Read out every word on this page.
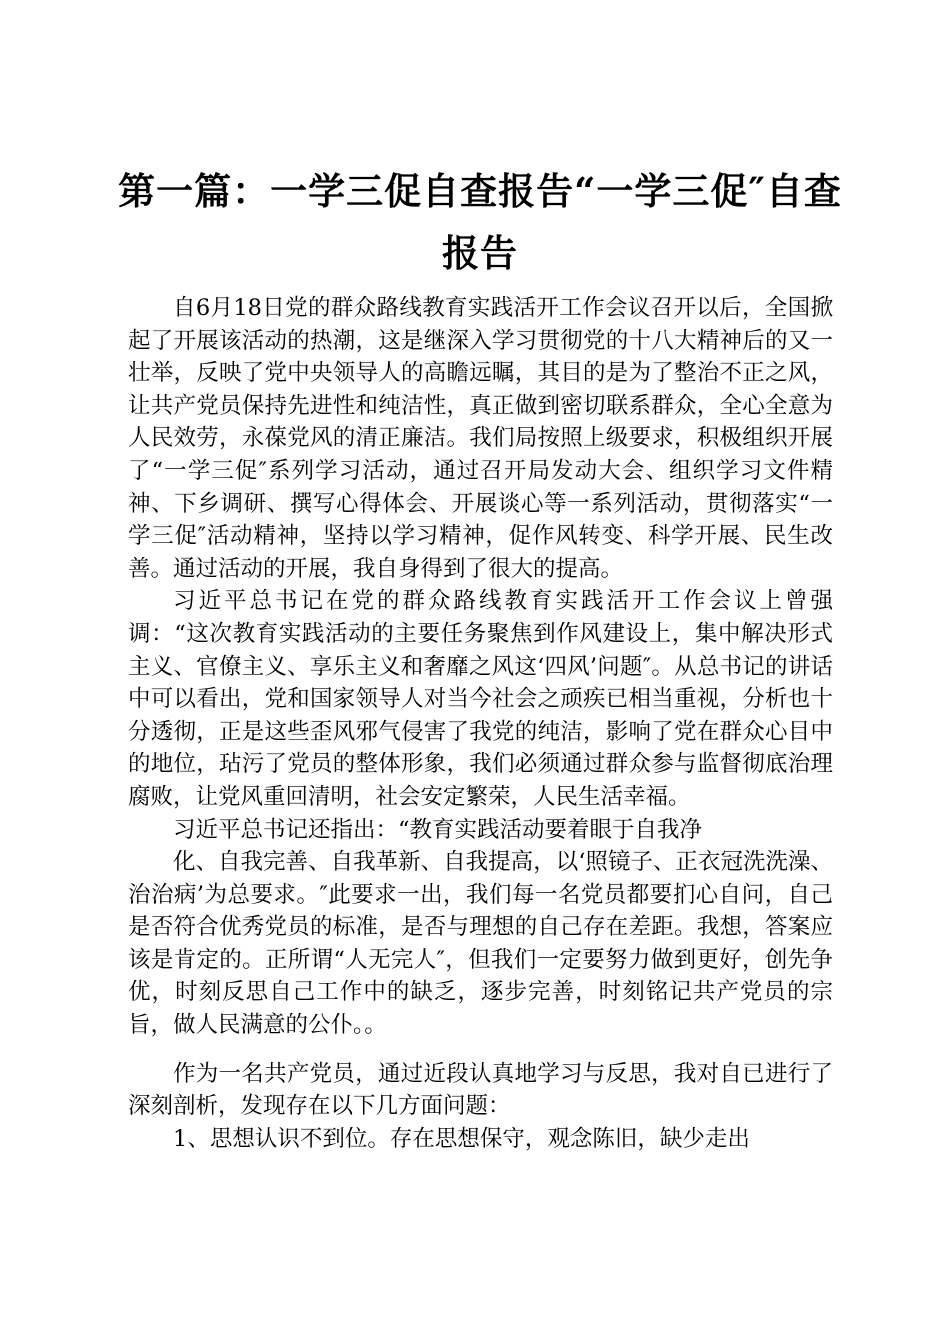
第一篇：一学三促自查报告“一学三促″自查报告

自6月18日党的群众路线教育实践活开工作会议召开以后，全国掀起了开展该活动的热潮，这是继深入学习贯彻党的十八大精神后的又一壮举，反映了党中央领导人的高瞻远瞩，其目的是为了整治不正之风，让共产党员保持先进性和纯洁性，真正做到密切联系群众，全心全意为人民效劳，永葆党风的清正廉洁。我们局按照上级要求，积极组织开展了“一学三促″系列学习活动，通过召开局发动大会、组织学习文件精神、下乡调研、撰写心得体会、开展谈心等一系列活动，贯彻落实“一学三促″活动精神，坚持以学习精神，促作风转变、科学开展、民生改善。通过活动的开展，我自身得到了很大的提高。

习近平总书记在党的群众路线教育实践活开工作会议上曾强调：“这次教育实践活动的主要任务聚焦到作风建设上，集中解决形式主义、官僚主义、享乐主义和奢靡之风这‘四风’问题″。从总书记的讲话中可以看出，党和国家领导人对当今社会之顽疾已相当重视，分析也十分透彻，正是这些歪风邪气侵害了我党的纯洁，影响了党在群众心目中的地位，玷污了党员的整体形象，我们必须通过群众参与监督彻底治理腐败，让党风重回清明，社会安定繁荣，人民生活幸福。

习近平总书记还指出：“教育实践活动要着眼于自我净

化、自我完善、自我革新、自我提高，以‘照镜子、正衣冠洗洗澡、治治病’为总要求。″此要求一出，我们每一名党员都要扪心自问，自己是否符合优秀党员的标准，是否与理想的自己存在差距。我想，答案应该是肯定的。正所谓“人无完人″，但我们一定要努力做到更好，创先争优，时刻反思自己工作中的缺乏，逐步完善，时刻铭记共产党员的宗旨，做人民满意的公仆。。

作为一名共产党员，通过近段认真地学习与反思，我对自已进行了深刻剖析，发现存在以下几方面问题：

1、思想认识不到位。存在思想保守，观念陈旧，缺少走出
